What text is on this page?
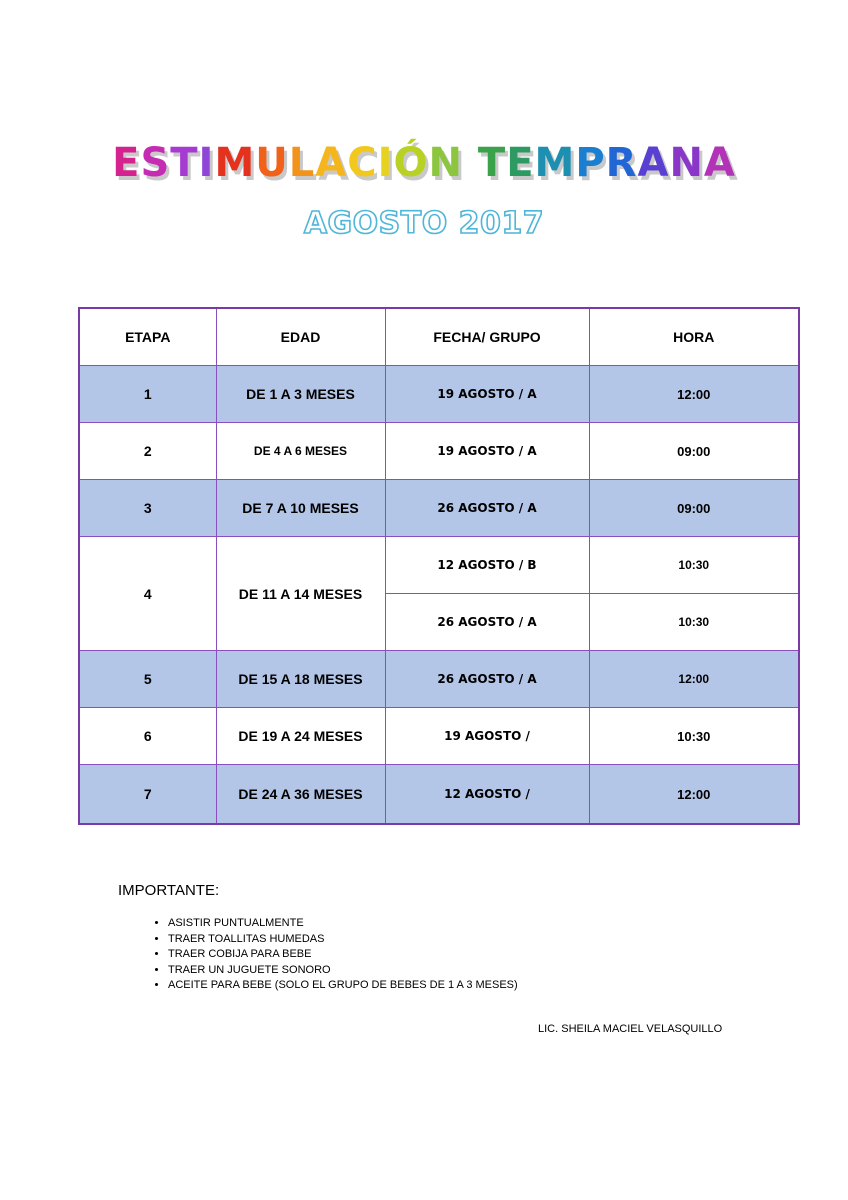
ESTIMULACIÓN TEMPRANA
AGOSTO 2017
ETAPA	EDAD	FECHA/ GRUPO	HORA
1	DE 1 A 3 MESES	19 AGOSTO / A	12:00
2	DE 4 A 6 MESES	19 AGOSTO / A	09:00
3	DE 7 A 10 MESES	26 AGOSTO / A	09:00
4	DE 11 A 14 MESES	12 AGOSTO / B	10:30
		26 AGOSTO / A	10:30
5	DE 15 A 18 MESES	26 AGOSTO / A	12:00
6	DE 19 A 24 MESES	19 AGOSTO /	10:30
7	DE 24 A 36 MESES	12 AGOSTO /	12:00
IMPORTANTE:
• ASISTIR PUNTUALMENTE
• TRAER TOALLITAS HUMEDAS
• TRAER COBIJA PARA BEBE
• TRAER UN JUGUETE SONORO
• ACEITE PARA BEBE (SOLO EL GRUPO DE BEBES DE 1 A 3 MESES)
LIC. SHEILA MACIEL VELASQUILLO
